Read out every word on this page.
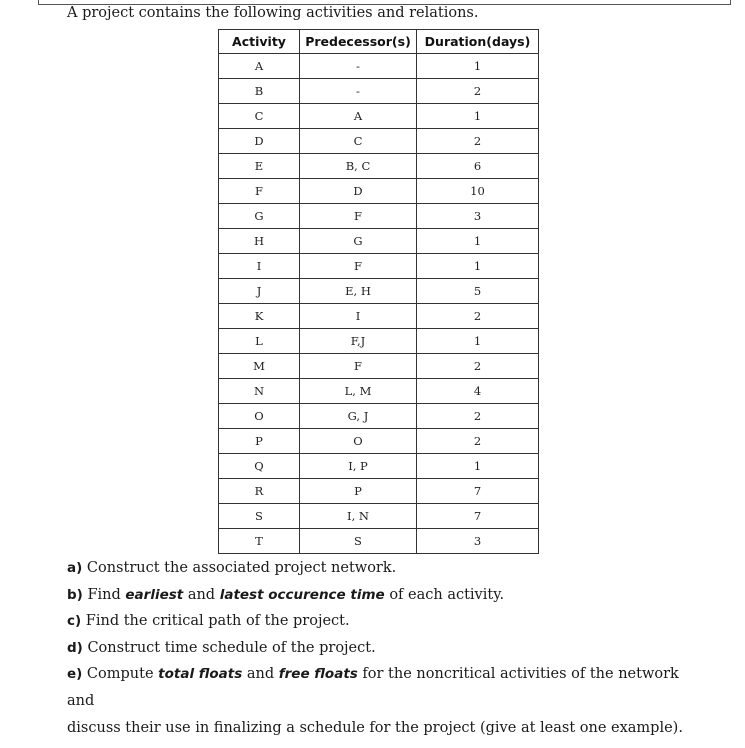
A project contains the following activities and relations.
Activity	Predecessor(s)	Duration(days)
A	-	1
B	-	2
C	A	1
D	C	2
E	B, C	6
F	D	10
G	F	3
H	G	1
I	F	1
J	E, H	5
K	I	2
L	F,J	1
M	F	2
N	L, M	4
O	G, J	2
P	O	2
Q	I, P	1
R	P	7
S	I, N	7
T	S	3

a) Construct the associated project network.

b) Find earliest and latest occurence time of each activity.

c) Find the critical path of the project.

d) Construct time schedule of the project.

e) Compute total floats and free floats for the noncritical activities of the network and
discuss their use in finalizing a schedule for the project (give at least one example).
